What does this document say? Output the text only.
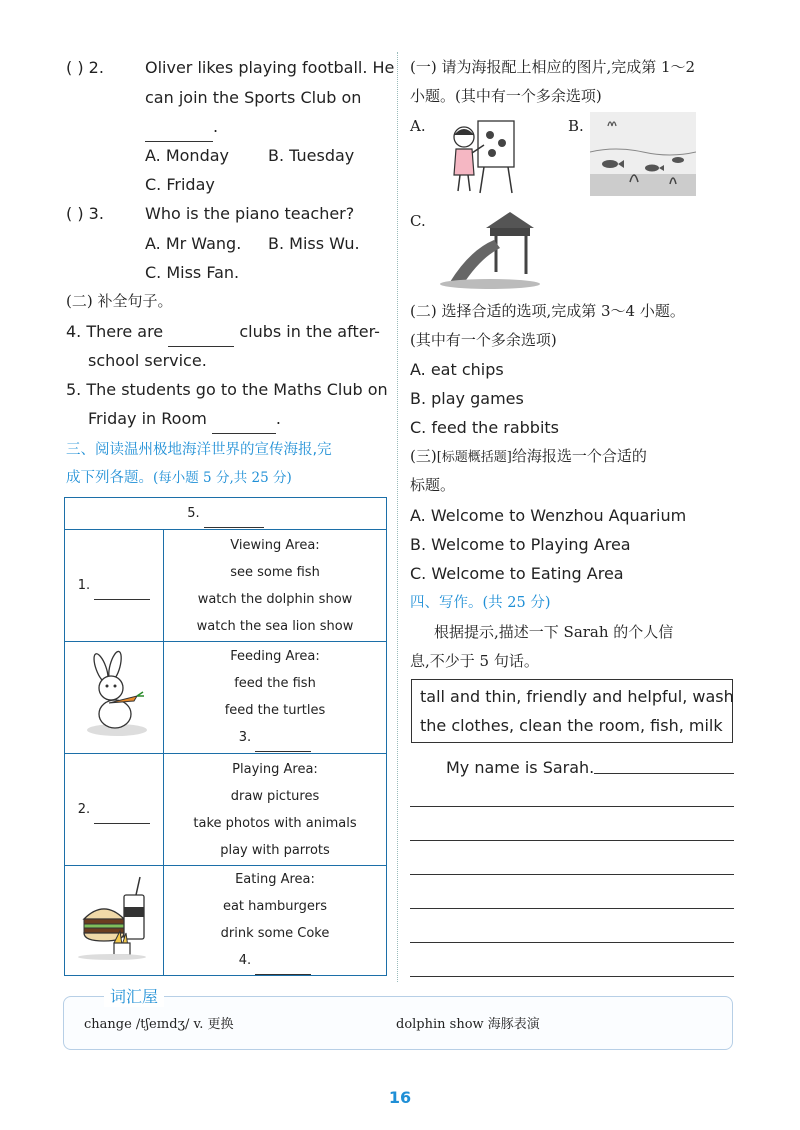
( ) 2.	Oliver likes playing football. He
can join the Sports Club on
.
A. Monday B. Tuesday
C. Friday
( ) 3.	Who is the piano teacher?
A. Mr Wang. B. Miss Wu.
C. Miss Fan.
(二) 补全句子。
4. There are	clubs in the after-
school service.
5. The students go to the Maths Club on
Friday in Room	.
三、阅读温州极地海洋世界的宣传海报,完
成下列各题。(每小题 5 分,共 25 分)
5.	
1.	Viewing Area:
see some fish
watch the dolphin show
watch the sea lion show

Feeding Area:
feed the fish
feed the turtles
3.

2.	Playing Area:
draw pictures
take photos with animals
play with parrots

Eating Area:
eat hamburgers
drink some Coke
4.
(一) 请为海报配上相应的图片,完成第 1～2
小题。(其中有一个多余选项)
A.	B.
C.
(二) 选择合适的选项,完成第 3～4 小题。
(其中有一个多余选项)
A. eat chips
B. play games
C. feed the rabbits
(三)[标题概括题]给海报选一个合适的
标题。
A. Welcome to Wenzhou Aquarium
B. Welcome to Playing Area
C. Welcome to Eating Area
四、写作。(共 25 分)
根据提示,描述一下 Sarah 的个人信
息,不少于 5 句话。
tall and thin, friendly and helpful, wash
the clothes, clean the room, fish, milk
My name is Sarah.
change /tʃeɪndʒ/ v. 更换	dolphin show 海豚表演
词汇屋
16
